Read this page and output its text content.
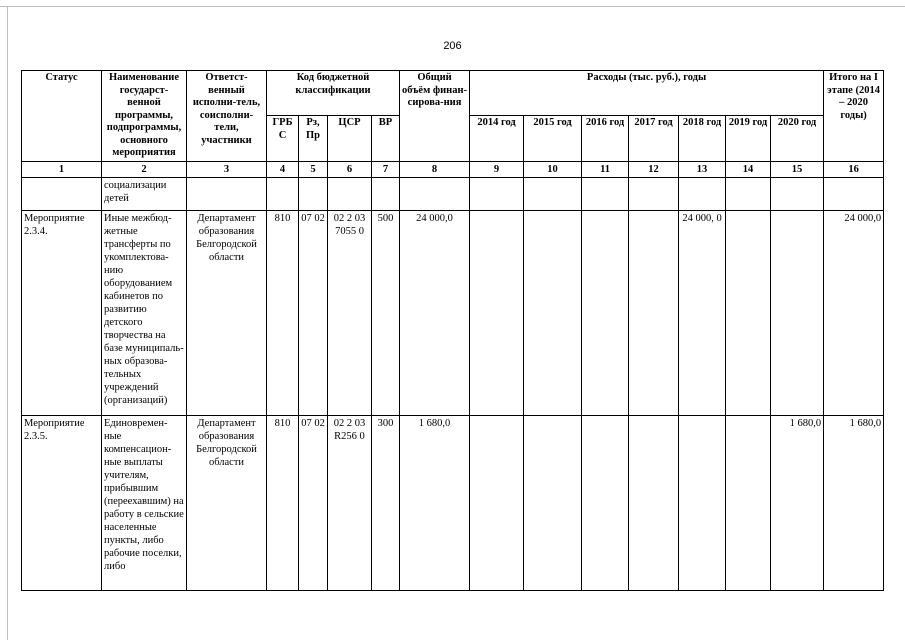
206
Статус	Наименование государст-венной программы, подпрограммы, основного мероприятия	Ответст-венный исполни-тель, соисполни-тели, участники	Код бюджетной классификации				Общий объём финан-сирова-ния	Расходы (тыс. руб.), годы							Итого на I этапе (2014 – 2020 годы)
			ГРБ С	Рз, Пр	ЦСР	ВР		2014 год	2015 год	2016 год	2017 год	2018 год	2019 год	2020 год	
1	2	3	4	5	6	7	8	9	10	11	12	13	14	15	16
	социализации детей														
Мероприятие 2.3.4.	Иные межбюд-жетные трансферты по укомплектова-нию оборудованием кабинетов по развитию детского творчества на базе муниципаль-ных образова-тельных учреждений (организаций)	Департамент образования Белгородской области	810	07 02	02 2 03 7055 0	500	24 000,0					24 000, 0			24 000,0
Мероприятие 2.3.5.	Единовремен-ные компенсацион-ные выплаты учителям, прибывшим (переехавшим) на работу в сельские населенные пункты, либо рабочие поселки, либо	Департамент образования Белгородской области	810	07 02	02 2 03 R256 0	300	1 680,0							1 680,0	1 680,0
